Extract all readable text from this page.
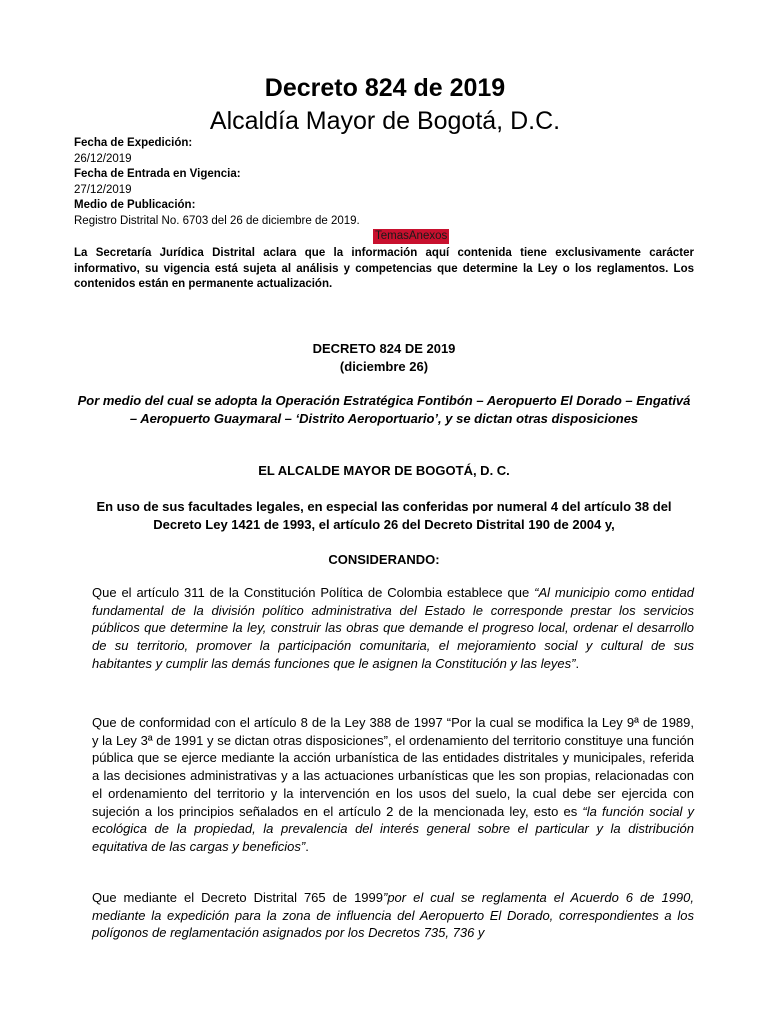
Decreto 824 de 2019
Alcaldía Mayor de Bogotá, D.C.
Fecha de Expedición:
26/12/2019
Fecha de Entrada en Vigencia:
27/12/2019
Medio de Publicación:
Registro Distrital No. 6703 del 26 de diciembre de 2019.
TemasAnexos
La Secretaría Jurídica Distrital aclara que la información aquí contenida tiene exclusivamente carácter informativo, su vigencia está sujeta al análisis y competencias que determine la Ley o los reglamentos. Los contenidos están en permanente actualización.
DECRETO 824 DE 2019
(diciembre 26)
Por medio del cual se adopta la Operación Estratégica Fontibón – Aeropuerto El Dorado – Engativá – Aeropuerto Guaymaral – ‘Distrito Aeroportuario’, y se dictan otras disposiciones
EL ALCALDE MAYOR DE BOGOTÁ, D. C.
En uso de sus facultades legales, en especial las conferidas por numeral 4 del artículo 38 del Decreto Ley 1421 de 1993, el artículo 26 del Decreto Distrital 190 de 2004 y,
CONSIDERANDO:
Que el artículo 311 de la Constitución Política de Colombia establece que “Al municipio como entidad fundamental de la división político administrativa del Estado le corresponde prestar los servicios públicos que determine la ley, construir las obras que demande el progreso local, ordenar el desarrollo de su territorio, promover la participación comunitaria, el mejoramiento social y cultural de sus habitantes y cumplir las demás funciones que le asignen la Constitución y las leyes”.
Que de conformidad con el artículo 8 de la Ley 388 de 1997 “Por la cual se modifica la Ley 9ª de 1989, y la Ley 3ª de 1991 y se dictan otras disposiciones”, el ordenamiento del territorio constituye una función pública que se ejerce mediante la acción urbanística de las entidades distritales y municipales, referida a las decisiones administrativas y a las actuaciones urbanísticas que les son propias, relacionadas con el ordenamiento del territorio y la intervención en los usos del suelo, la cual debe ser ejercida con sujeción a los principios señalados en el artículo 2 de la mencionada ley, esto es “la función social y ecológica de la propiedad, la prevalencia del interés general sobre el particular y la distribución equitativa de las cargas y beneficios”.
Que mediante el Decreto Distrital 765 de 1999”por el cual se reglamenta el Acuerdo 6 de 1990, mediante la expedición para la zona de influencia del Aeropuerto El Dorado, correspondientes a los polígonos de reglamentación asignados por los Decretos 735, 736 y
